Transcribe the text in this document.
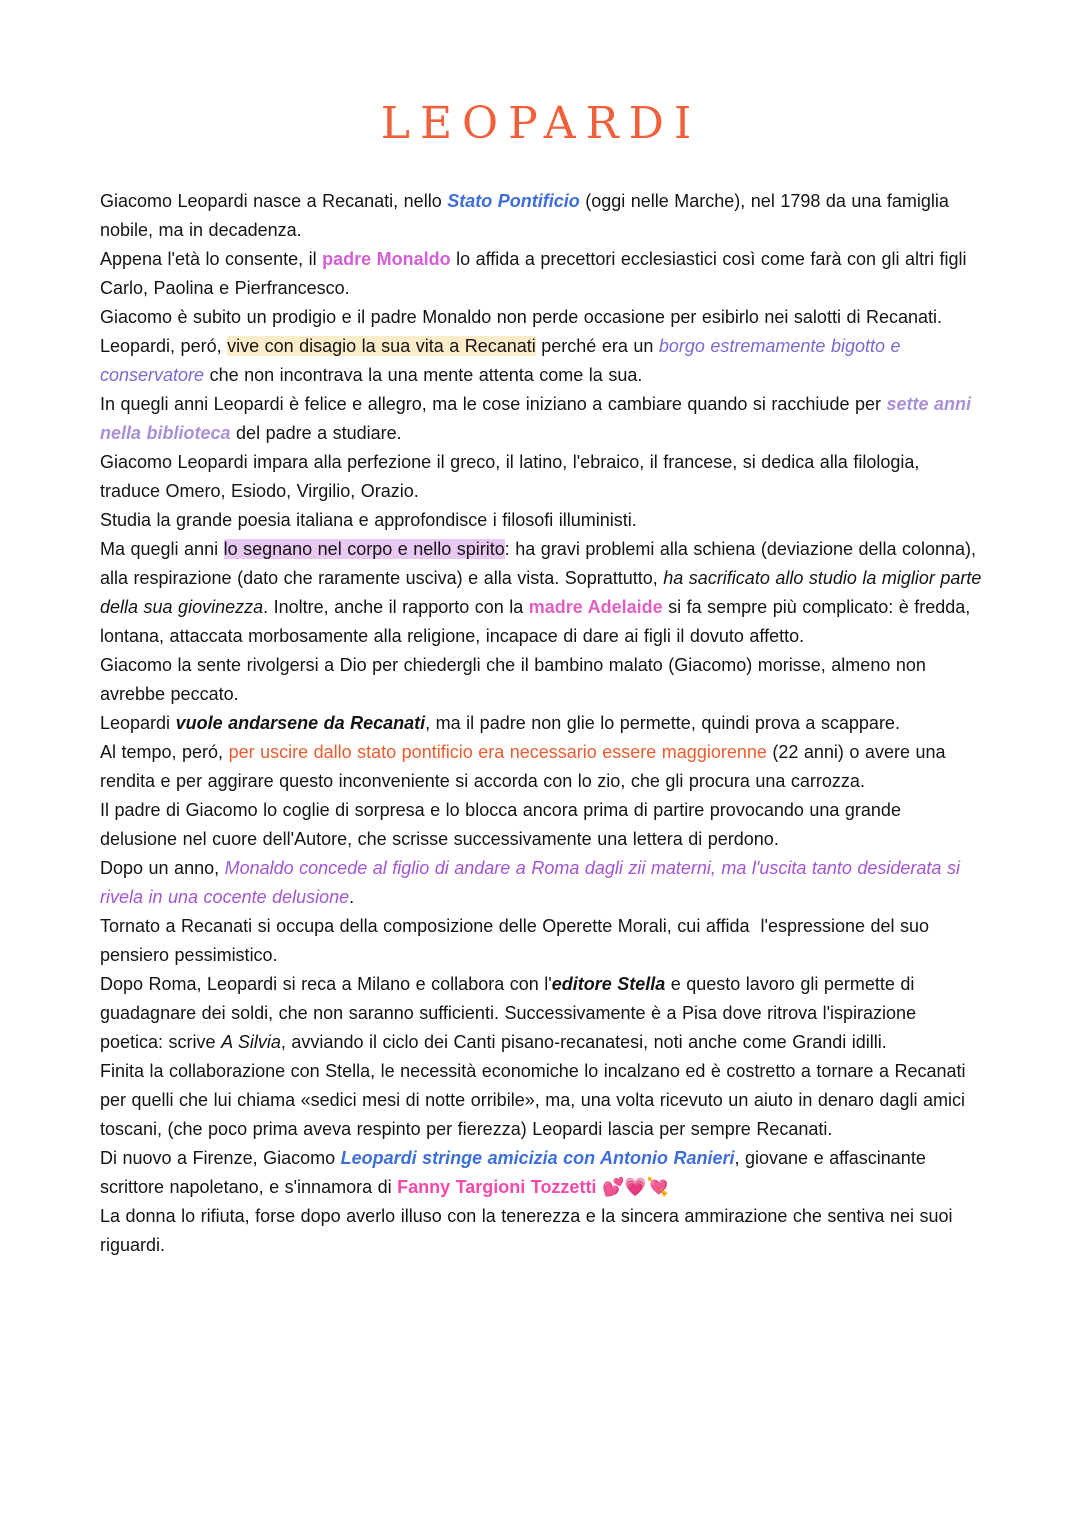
LEOPARDI

Giacomo Leopardi nasce a Recanati, nello Stato Pontificio (oggi nelle Marche), nel 1798 da una famiglia nobile, ma in decadenza.

Appena l'età lo consente, il padre Monaldo lo affida a precettori ecclesiastici così come farà con gli altri figli Carlo, Paolina e Pierfrancesco.

Giacomo è subito un prodigio e il padre Monaldo non perde occasione per esibirlo nei salotti di Recanati.

Leopardi, peró, vive con disagio la sua vita a Recanati perché era un borgo estremamente bigotto e conservatore che non incontrava la una mente attenta come la sua.

In quegli anni Leopardi è felice e allegro, ma le cose iniziano a cambiare quando si racchiude per sette anni nella biblioteca del padre a studiare.

Giacomo Leopardi impara alla perfezione il greco, il latino, l'ebraico, il francese, si dedica alla filologia, traduce Omero, Esiodo, Virgilio, Orazio.

Studia la grande poesia italiana e approfondisce i filosofi illuministi.

Ma quegli anni lo segnano nel corpo e nello spirito: ha gravi problemi alla schiena (deviazione della colonna), alla respirazione (dato che raramente usciva) e alla vista. Soprattutto, ha sacrificato allo studio la miglior parte della sua giovinezza. Inoltre, anche il rapporto con la madre Adelaide si fa sempre più complicato: è fredda, lontana, attaccata morbosamente alla religione, incapace di dare ai figli il dovuto affetto.

Giacomo la sente rivolgersi a Dio per chiedergli che il bambino malato (Giacomo) morisse, almeno non avrebbe peccato.

Leopardi vuole andarsene da Recanati, ma il padre non glie lo permette, quindi prova a scappare.

Al tempo, peró, per uscire dallo stato pontificio era necessario essere maggiorenne (22 anni) o avere una rendita e per aggirare questo inconveniente si accorda con lo zio, che gli procura una carrozza.

Il padre di Giacomo lo coglie di sorpresa e lo blocca ancora prima di partire provocando una grande delusione nel cuore dell'Autore, che scrisse successivamente una lettera di perdono.

Dopo un anno, Monaldo concede al figlio di andare a Roma dagli zii materni, ma l'uscita tanto desiderata si rivela in una cocente delusione.

Tornato a Recanati si occupa della composizione delle Operette Morali, cui affida  l'espressione del suo pensiero pessimistico.

Dopo Roma, Leopardi si reca a Milano e collabora con l'editore Stella e questo lavoro gli permette di guadagnare dei soldi, che non saranno sufficienti. Successivamente è a Pisa dove ritrova l'ispirazione poetica: scrive A Silvia, avviando il ciclo dei Canti pisano-recanatesi, noti anche come Grandi idilli.

Finita la collaborazione con Stella, le necessità economiche lo incalzano ed è costretto a tornare a Recanati per quelli che lui chiama «sedici mesi di notte orribile», ma, una volta ricevuto un aiuto in denaro dagli amici toscani, (che poco prima aveva respinto per fierezza) Leopardi lascia per sempre Recanati.

Di nuovo a Firenze, Giacomo Leopardi stringe amicizia con Antonio Ranieri, giovane e affascinante scrittore napoletano, e s'innamora di Fanny Targioni Tozzetti 💕💗💘

La donna lo rifiuta, forse dopo averlo illuso con la tenerezza e la sincera ammirazione che sentiva nei suoi riguardi.
